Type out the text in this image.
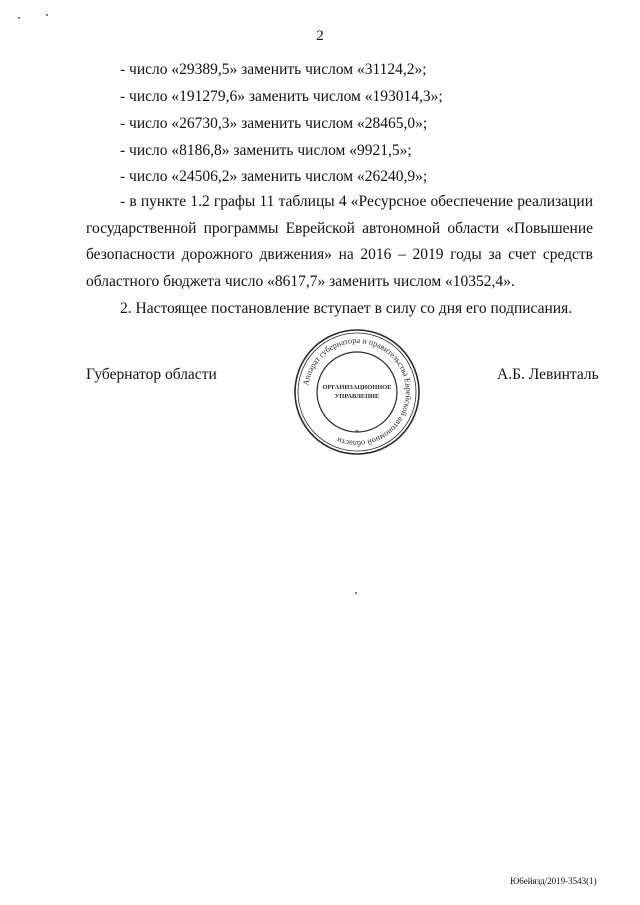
2
- число «29389,5» заменить числом «31124,2»;
- число «191279,6» заменить числом «193014,3»;
- число «26730,3» заменить числом «28465,0»;
- число «8186,8» заменить числом «9921,5»;
- число «24506,2» заменить числом «26240,9»;
- в пункте 1.2 графы 11 таблицы 4 «Ресурсное обеспечение реализации государственной программы Еврейской автономной области «Повышение безопасности дорожного движения» на 2016 – 2019 годы за счет средств областного бюджета число «8617,7» заменить числом «10352,4».
2. Настоящее постановление вступает в силу со дня его подписания.
Губернатор области	А.Б. Левинталь
Аппарат губернатора и правительства Еврейской автономной области
ОРГАНИЗАЦИОННОЕ
УПРАВЛЕНИЕ
*
Ю6ейязд/2019-3543(1)
